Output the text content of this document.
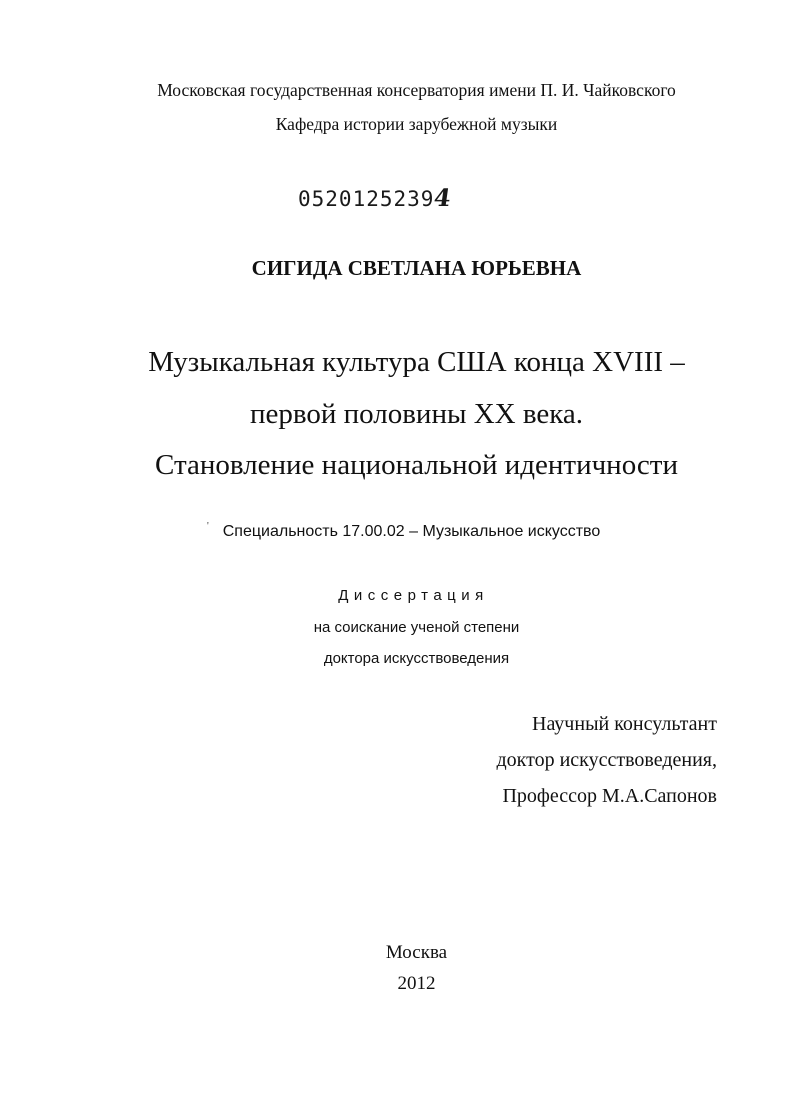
Московская государственная консерватория имени П. И. Чайковского
Кафедра истории зарубежной музыки
05201252394
СИГИДА СВЕТЛАНА ЮРЬЕВНА
Музыкальная культура США конца XVIII –
первой половины XX века.
Становление национальной идентичности
' Специальность 17.00.02 – Музыкальное искусство
Диссертация
на соискание ученой степени
доктора искусствоведения
Научный консультант
доктор искусствоведения,
Профессор М.А.Сапонов
Москва
2012
